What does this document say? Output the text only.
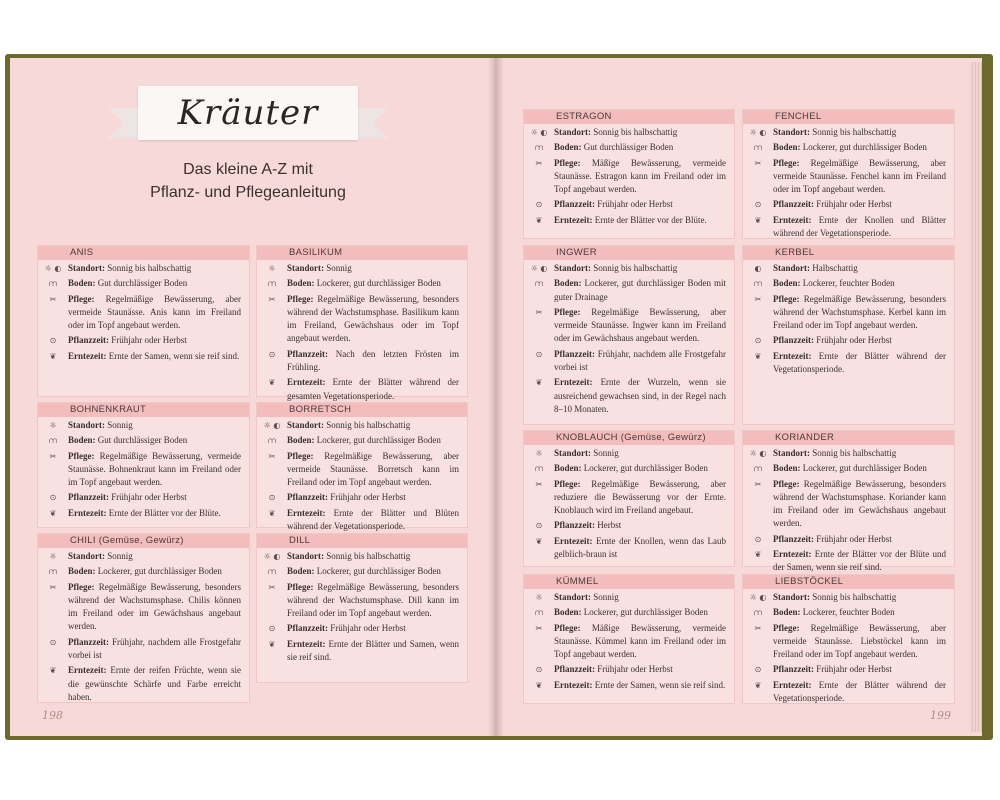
Kräuter
Das kleine A-Z mit
Pflanz- und Pflegeanleitung
ANIS
☼ ◐ Standort: Sonnig bis halbschattig
⩋	Boden: Gut durchlässiger Boden
✂	Pflege: Regelmäßige Bewässerung, aber vermeide Staunässe. Anis kann im Freiland oder im Topf angebaut werden.
⊙	Pflanzzeit: Frühjahr oder Herbst
❦	Erntezeit: Ernte der Samen, wenn sie reif sind.
BOHNENKRAUT
☼	Standort: Sonnig
⩋	Boden: Gut durchlässiger Boden
✂	Pflege: Regelmäßige Bewässerung, vermeide Staunässe. Bohnenkraut kann im Freiland oder im Topf angebaut werden.
⊙	Pflanzzeit: Frühjahr oder Herbst
❦	Erntezeit: Ernte der Blätter vor der Blüte.
CHILI (Gemüse, Gewürz)
☼	Standort: Sonnig
⩋	Boden: Lockerer, gut durchlässiger Boden
✂	Pflege: Regelmäßige Bewässerung, besonders während der Wachstumsphase. Chilis können im Freiland oder im Gewächshaus angebaut werden.
⊙	Pflanzzeit: Frühjahr, nachdem alle Frostgefahr vorbei ist
❦	Erntezeit: Ernte der reifen Früchte, wenn sie die gewünschte Schärfe und Farbe erreicht haben.
BASILIKUM
☼	Standort: Sonnig
⩋	Boden: Lockerer, gut durchlässiger Boden
✂	Pflege: Regelmäßige Bewässerung, besonders während der Wachstumsphase. Basilikum kann im Freiland, Gewächshaus oder im Topf angebaut werden.
⊙	Pflanzzeit: Nach den letzten Frösten im Frühling.
❦	Erntezeit: Ernte der Blätter während der gesamten Vegetationsperiode.
BORRETSCH
☼ ◐ Standort: Sonnig bis halbschattig
⩋	Boden: Lockerer, gut durchlässiger Boden
✂	Pflege: Regelmäßige Bewässerung, aber vermeide Staunässe. Borretsch kann im Freiland oder im Topf angebaut werden.
⊙	Pflanzzeit: Frühjahr oder Herbst
❦	Erntezeit: Ernte der Blätter und Blüten während der Vegetationsperiode.
DILL
☼ ◐ Standort: Sonnig bis halbschattig
⩋	Boden: Lockerer, gut durchlässiger Boden
✂	Pflege: Regelmäßige Bewässerung, besonders während der Wachstumsphase. Dill kann im Freiland oder im Topf angebaut werden.
⊙	Pflanzzeit: Frühjahr oder Herbst
❦	Erntezeit: Ernte der Blätter und Samen, wenn sie reif sind.
ESTRAGON
☼ ◐ Standort: Sonnig bis halbschattig
⩋	Boden: Gut durchlässiger Boden
✂	Pflege: Mäßige Bewässerung, vermeide Staunässe. Estragon kann im Freiland oder im Topf angebaut werden.
⊙	Pflanzzeit: Frühjahr oder Herbst
❦	Erntezeit: Ernte der Blätter vor der Blüte.
INGWER
☼ ◐ Standort: Sonnig bis halbschattig
⩋	Boden: Lockerer, gut durchlässiger Boden mit guter Drainage
✂	Pflege: Regelmäßige Bewässerung, aber vermeide Staunässe. Ingwer kann im Freiland oder im Gewächshaus angebaut werden.
⊙	Pflanzzeit: Frühjahr, nachdem alle Frostgefahr vorbei ist
❦	Erntezeit: Ernte der Wurzeln, wenn sie ausreichend gewachsen sind, in der Regel nach 8–10 Monaten.
KNOBLAUCH (Gemüse, Gewürz)
☼	Standort: Sonnig
⩋	Boden: Lockerer, gut durchlässiger Boden
✂	Pflege: Regelmäßige Bewässerung, aber reduziere die Bewässerung vor der Ernte. Knoblauch wird im Freiland angebaut.
⊙	Pflanzzeit: Herbst
❦	Erntezeit: Ernte der Knollen, wenn das Laub gelblich-braun ist
KÜMMEL
☼	Standort: Sonnig
⩋	Boden: Lockerer, gut durchlässiger Boden
✂	Pflege: Mäßige Bewässerung, vermeide Staunässe. Kümmel kann im Freiland oder im Topf angebaut werden.
⊙	Pflanzzeit: Frühjahr oder Herbst
❦	Erntezeit: Ernte der Samen, wenn sie reif sind.
FENCHEL
☼ ◐ Standort: Sonnig bis halbschattig
⩋	Boden: Lockerer, gut durchlässiger Boden
✂	Pflege: Regelmäßige Bewässerung, aber vermeide Staunässe. Fenchel kann im Freiland oder im Topf angebaut werden.
⊙	Pflanzzeit: Frühjahr oder Herbst
❦	Erntezeit: Ernte der Knollen und Blätter während der Vegetationsperiode.
KERBEL
◐	Standort: Halbschattig
⩋	Boden: Lockerer, feuchter Boden
✂	Pflege: Regelmäßige Bewässerung, besonders während der Wachstumsphase. Kerbel kann im Freiland oder im Topf angebaut werden.
⊙	Pflanzzeit: Frühjahr oder Herbst
❦	Erntezeit: Ernte der Blätter während der Vegetationsperiode.
KORIANDER
☼ ◐ Standort: Sonnig bis halbschattig
⩋	Boden: Lockerer, gut durchlässiger Boden
✂	Pflege: Regelmäßige Bewässerung, besonders während der Wachstumsphase. Koriander kann im Freiland oder im Gewächshaus angebaut werden.
⊙	Pflanzzeit: Frühjahr oder Herbst
❦	Erntezeit: Ernte der Blätter vor der Blüte und der Samen, wenn sie reif sind.
LIEBSTÖCKEL
☼ ◐ Standort: Sonnig bis halbschattig
⩋	Boden: Lockerer, feuchter Boden
✂	Pflege: Regelmäßige Bewässerung, aber vermeide Staunässe. Liebstöckel kann im Freiland oder im Topf angebaut werden.
⊙	Pflanzzeit: Frühjahr oder Herbst
❦	Erntezeit: Ernte der Blätter während der Vegetationsperiode.
198	199
